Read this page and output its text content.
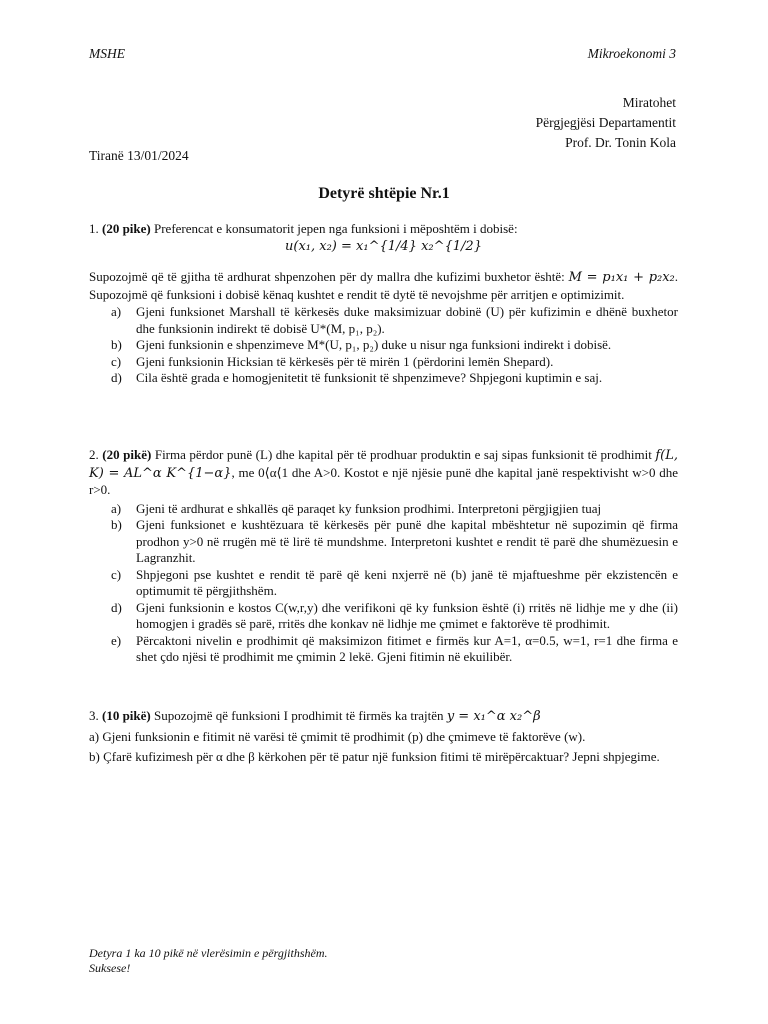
MSHE	Mikroekonomi 3
Miratohet
Përgjegjësi Departamentit
Prof. Dr. Tonin Kola
Tiranë 13/01/2024
Detyrë shtëpie Nr.1
1. (20 pike) Preferencat e konsumatorit jepen nga funksioni i mëposhtëm i dobisë:
u(x₁, x₂) = x₁^{1/4} x₂^{1/2}
Supozojmë që të gjitha të ardhurat shpenzohen për dy mallra dhe kufizimi buxhetor është: M = p₁x₁ + p₂x₂. Supozojmë që funksioni i dobisë kënaq kushtet e rendit të dytë të nevojshme për arritjen e optimizimit.
a)	Gjeni funksionet Marshall të kërkesës duke maksimizuar dobinë (U) për kufizimin e dhënë buxhetor dhe funksionin indirekt të dobisë U*(M, p₁, p₂).
b)	Gjeni funksionin e shpenzimeve M*(U, p₁, p₂) duke u nisur nga funksioni indirekt i dobisë.
c)	Gjeni funksionin Hicksian të kërkesës për të mirën 1 (përdorini lemën Shepard).
d)	Cila është grada e homogjenitetit të funksionit të shpenzimeve? Shpjegoni kuptimin e saj.
2. (20 pikë) Firma përdor punë (L) dhe kapital për të prodhuar produktin e saj sipas funksionit të prodhimit f(L, K) = AL^α K^{1−α}, me 0⟨α⟨1 dhe A>0. Kostot e një njësie punë dhe kapital janë respektivisht w>0 dhe r>0.
a)	Gjeni të ardhurat e shkallës që paraqet ky funksion prodhimi. Interpretoni përgjigjien tuaj
b)	Gjeni funksionet e kushtëzuara të kërkesës për punë dhe kapital mbështetur në supozimin që firma prodhon y>0 në rrugën më të lirë të mundshme. Interpretoni kushtet e rendit të parë dhe shumëzuesin e Lagranzhit.
c)	Shpjegoni pse kushtet e rendit të parë që keni nxjerrë në (b) janë të mjaftueshme për ekzistencën e optimumit të përgjithshëm.
d)	Gjeni funksionin e kostos C(w,r,y) dhe verifikoni që ky funksion është (i) rritës në lidhje me y dhe (ii) homogjen i gradës së parë, rritës dhe konkav në lidhje me çmimet e faktorëve të prodhimit.
e)	Përcaktoni nivelin e prodhimit që maksimizon fitimet e firmës kur A=1, α=0.5, w=1, r=1 dhe firma e shet çdo njësi të prodhimit me çmimin 2 lekë. Gjeni fitimin në ekuilibër.
3. (10 pikë) Supozojmë që funksioni I prodhimit të firmës ka trajtën y = x₁^α x₂^β
a) Gjeni funksionin e fitimit në varësi të çmimit të prodhimit (p) dhe çmimeve të faktorëve (w).
b) Çfarë kufizimesh për α dhe β kërkohen për të patur një funksion fitimi të mirëpërcaktuar? Jepni shpjegime.
Detyra 1 ka 10 pikë në vlerësimin e përgjithshëm.
Suksese!
